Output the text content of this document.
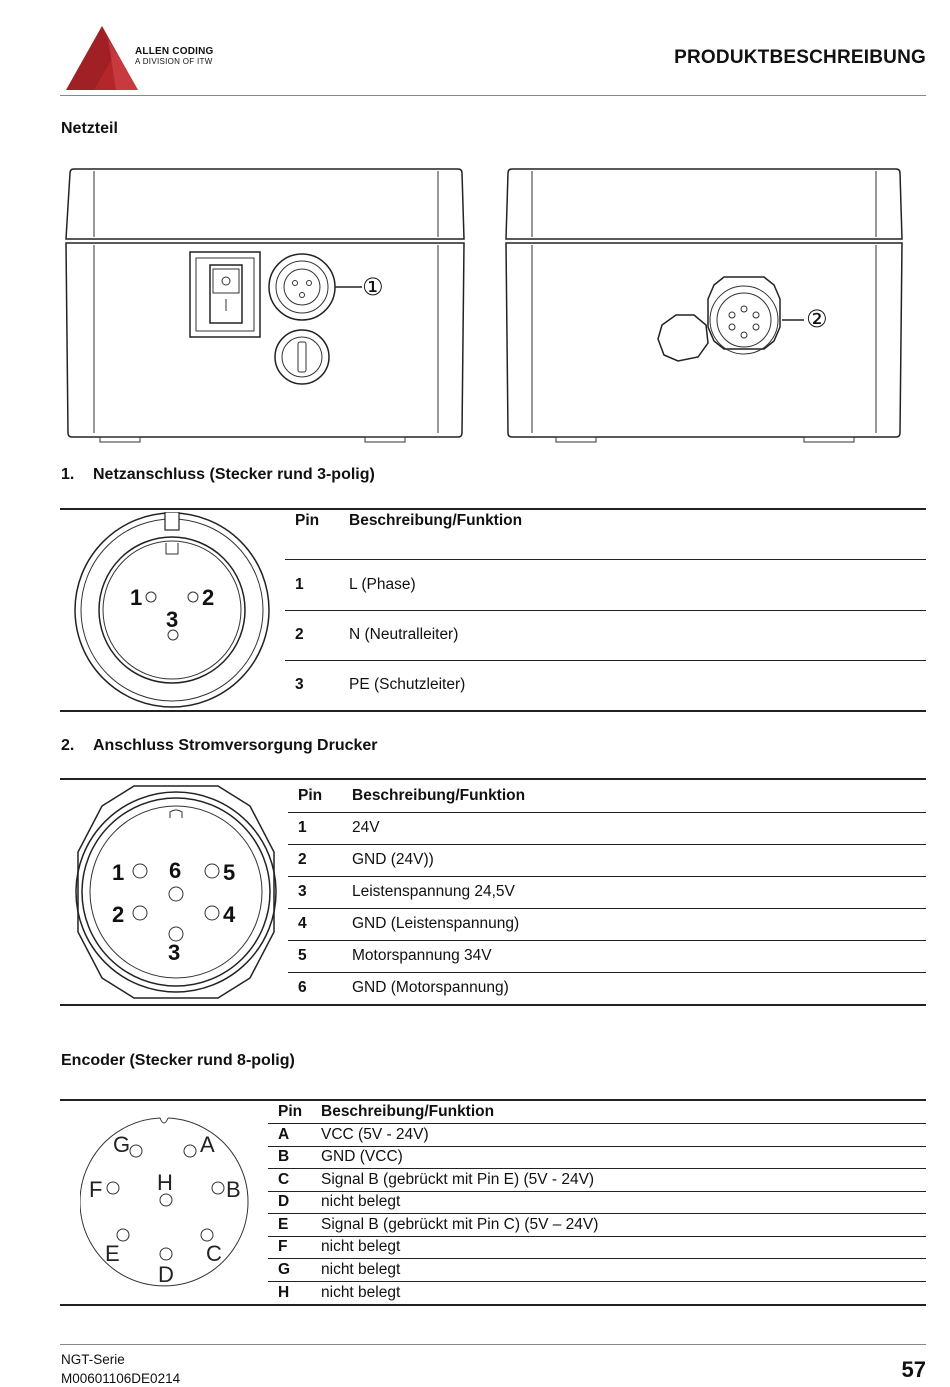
ALLEN CODING
A DIVISION OF ITW	PRODUKTBESCHREIBUNG
Netzteil
①
②
1. Netzanschluss (Stecker rund 3-polig)
1	2
3
Pin	Beschreibung/Funktion
1	L (Phase)
2	N (Neutralleiter)
3	PE (Schutzleiter)
2. Anschluss Stromversorgung Drucker
1
2
3
4
5
6
Pin	Beschreibung/Funktion
1	24V
2	GND (24V))
3	Leistenspannung 24,5V
4	GND (Leistenspannung)
5	Motorspannung 34V
6	GND (Motorspannung)
Encoder (Stecker rund 8-polig)
A
B
C
D
E
F
G
H
Pin	Beschreibung/Funktion
A	VCC (5V - 24V)
B	GND (VCC)
C	Signal B (gebrückt mit Pin E) (5V - 24V)
D	nicht belegt
E	Signal B (gebrückt mit Pin C) (5V – 24V)
F	nicht belegt
G	nicht belegt
H	nicht belegt
NGT-Serie
M00601106DE0214	57
